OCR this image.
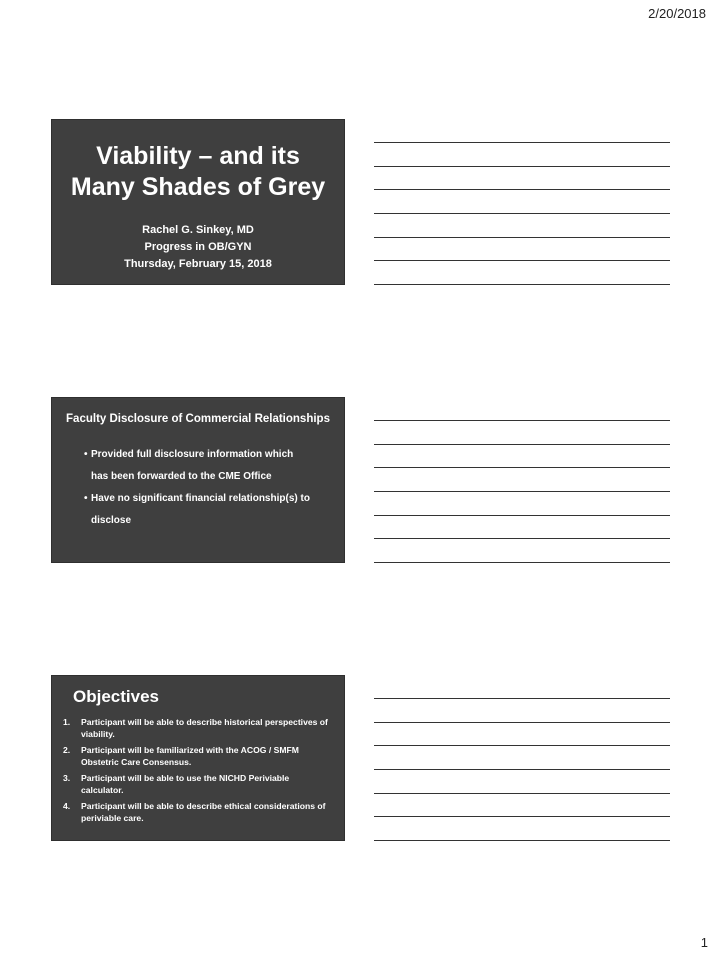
2/20/2018
Viability – and its
Many Shades of Grey
Rachel G. Sinkey, MD
Progress in OB/GYN
Thursday, February 15, 2018
Faculty Disclosure of Commercial Relationships
• Provided full disclosure information which
has been forwarded to the CME Office
• Have no significant financial relationship(s) to
disclose
Objectives
1.	Participant will be able to describe historical perspectives of viability.
2.	Participant will be familiarized with the ACOG / SMFM Obstetric Care Consensus.
3.	Participant will be able to use the NICHD Periviable calculator.
4.	Participant will be able to describe ethical considerations of periviable care.
1
